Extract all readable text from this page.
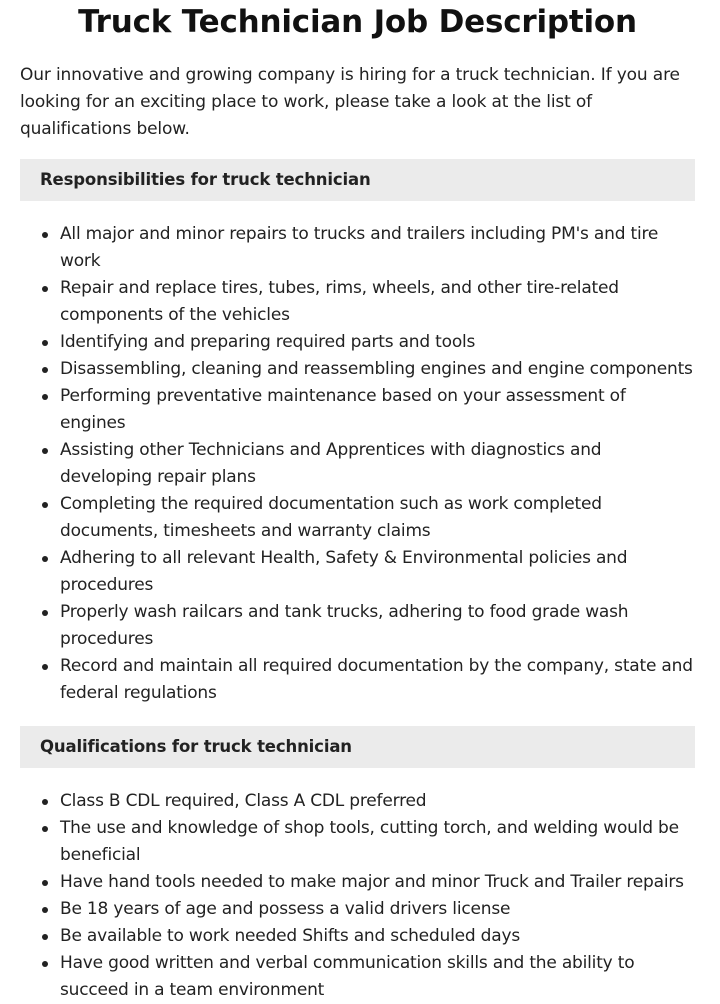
Truck Technician Job Description

Our innovative and growing company is hiring for a truck technician. If you are looking for an exciting place to work, please take a look at the list of qualifications below.

Responsibilities for truck technician
All major and minor repairs to trucks and trailers including PM's and tire work
Repair and replace tires, tubes, rims, wheels, and other tire-related components of the vehicles
Identifying and preparing required parts and tools
Disassembling, cleaning and reassembling engines and engine components
Performing preventative maintenance based on your assessment of engines
Assisting other Technicians and Apprentices with diagnostics and developing repair plans
Completing the required documentation such as work completed documents, timesheets and warranty claims
Adhering to all relevant Health, Safety & Environmental policies and procedures
Properly wash railcars and tank trucks, adhering to food grade wash procedures
Record and maintain all required documentation by the company, state and federal regulations
Qualifications for truck technician
Class B CDL required, Class A CDL preferred
The use and knowledge of shop tools, cutting torch, and welding would be beneficial
Have hand tools needed to make major and minor Truck and Trailer repairs
Be 18 years of age and possess a valid drivers license
Be available to work needed Shifts and scheduled days
Have good written and verbal communication skills and the ability to succeed in a team environment
